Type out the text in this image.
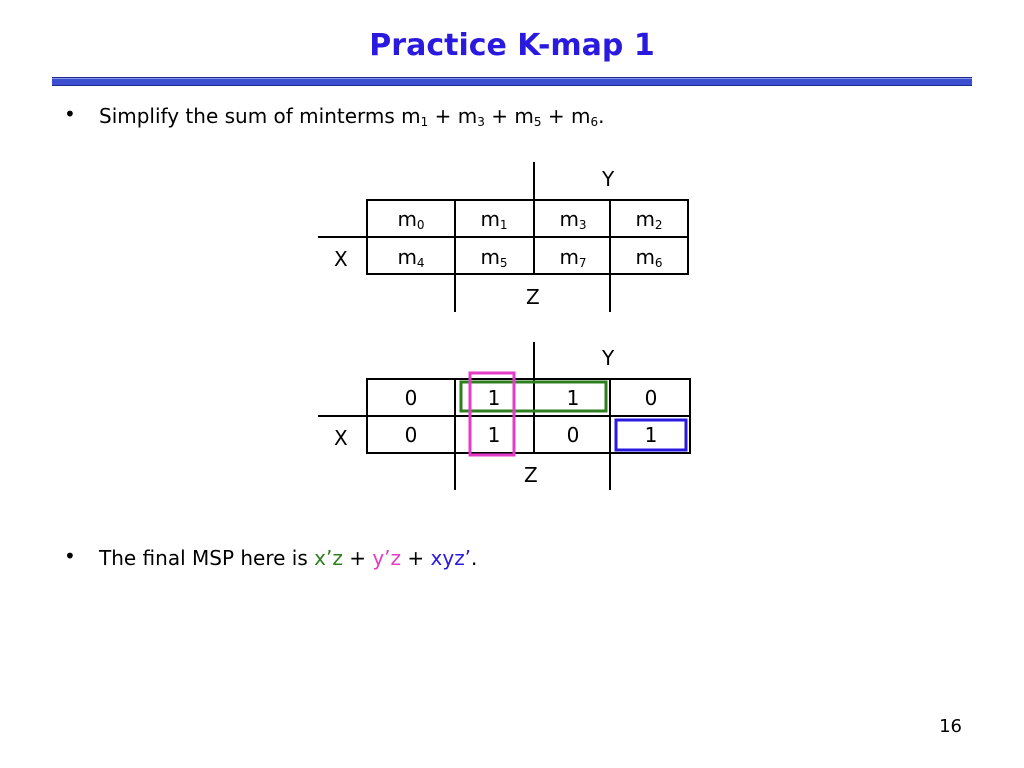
Practice K-map 1
• Simplify the sum of minterms $m_1 + m_3 + m_5 + m_6$.
Y
X
Z
$m_0$	$m_1$	$m_3$	$m_2$
$m_4$	$m_5$	$m_7$	$m_6$
Y
X
Z
0	1	1	0
0	1	0	1
• The final MSP here is x’z + y’z + xyz’.
16
